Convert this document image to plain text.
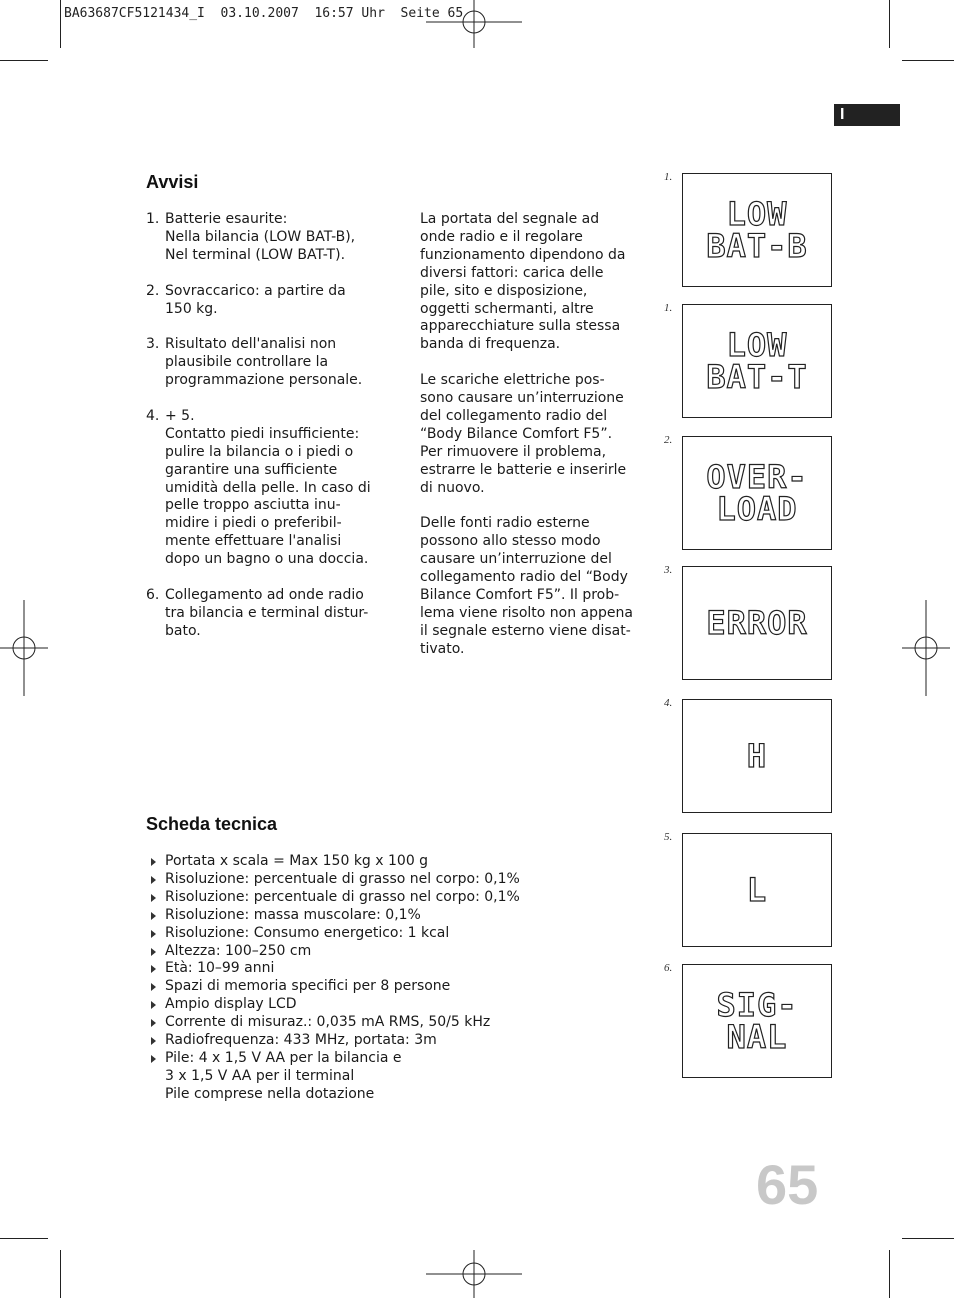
BA63687CF5121434_I  03.10.2007  16:57 Uhr  Seite 65
I
Avvisi
1. Batterie esaurite:
Nella bilancia (LOW BAT-B),
Nel terminal (LOW BAT-T).
2. Sovraccarico: a partire da
150 kg.
3. Risultato dell'analisi non
plausibile controllare la
programmazione personale.
4. + 5.
Contatto piedi insufficiente:
pulire la bilancia o i piedi o
garantire una sufficiente
umidità della pelle. In caso di
pelle troppo asciutta inu-
midire i piedi o preferibil-
mente effettuare l'analisi
dopo un bagno o una doccia.
6. Collegamento ad onde radio
tra bilancia e terminal distur-
bato.
La portata del segnale ad
onde radio e il regolare
funzionamento dipendono da
diversi fattori: carica delle
pile, sito e disposizione,
oggetti schermanti, altre
apparecchiature sulla stessa
banda di frequenza.
Le scariche elettriche pos-
sono causare un’interruzione
del collegamento radio del
“Body Bilance Comfort F5”.
Per rimuovere il problema,
estrarre le batterie e inserirle
di nuovo.
Delle fonti radio esterne
possono allo stesso modo
causare un’interruzione del
collegamento radio del “Body
Bilance Comfort F5”. Il prob-
lema viene risolto non appena
il segnale esterno viene disat-
tivato.
Scheda tecnica
Portata x scala = Max 150 kg x 100 g
Risoluzione: percentuale di grasso nel corpo: 0,1%
Risoluzione: percentuale di grasso nel corpo: 0,1%
Risoluzione: massa muscolare: 0,1%
Risoluzione: Consumo energetico: 1 kcal
Altezza: 100–250 cm
Età: 10–99 anni
Spazi di memoria specifici per 8 persone
Ampio display LCD
Corrente di misuraz.: 0,035 mA RMS, 50/5 kHz
Radiofrequenza: 433 MHz, portata: 3m
Pile: 4 x 1,5 V AA per la bilancia e
3 x 1,5 V AA per il terminal
Pile comprese nella dotazione
1.
LOW
BAT-B
1.
LOW
BAT-T
2.
OVER-
LOAD
3.
ERROR
4.
H
5.
L
6.
SIG-
NAL
65
